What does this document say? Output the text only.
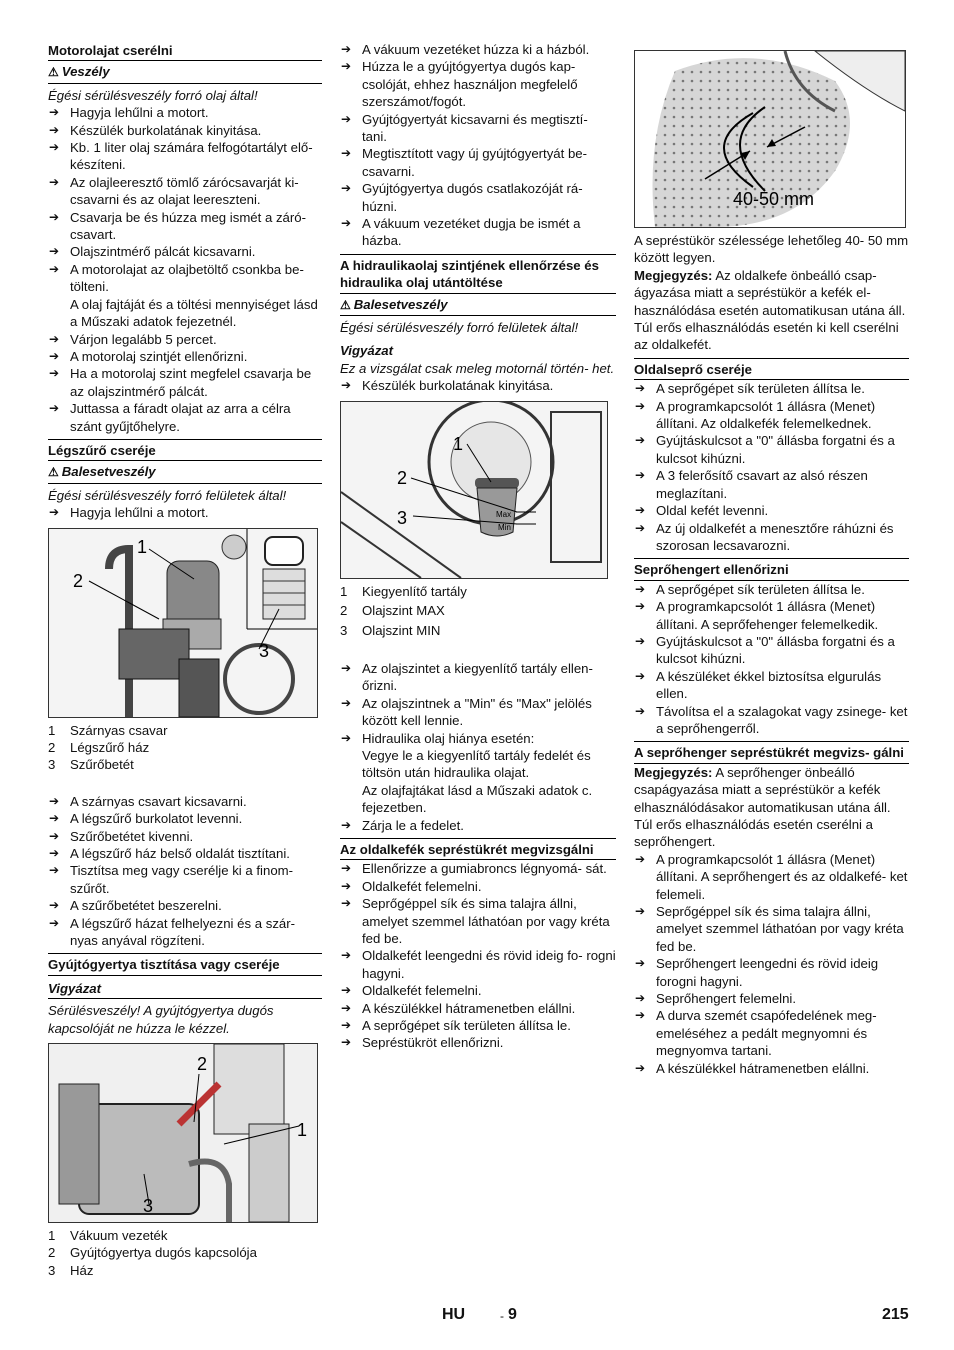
Motorolajat cserélni
⚠ Veszély
Égési sérülésveszély forró olaj által!
➔ Hagyja lehűlni a motort.
➔ Készülék burkolatának kinyitása.
➔ Kb. 1 liter olaj számára felfogótartályt elő- készíteni.
➔ Az olajleeresztő tömlő zárócsavarját ki- csavarni és az olajat leereszteni.
➔ Csavarja be és húzza meg ismét a záró- csavart.
➔ Olajszintmérő pálcát kicsavarni.
➔ A motorolajat az olajbetöltő csonkba be- tölteni.
A olaj fajtáját és a töltési mennyiséget lásd a Műszaki adatok fejezetnél.
➔ Várjon legalább 5 percet.
➔ A motorolaj szintjét ellenőrizni.
➔ Ha a motorolaj szint megfelel csavarja be az olajszintmérő pálcát.
➔ Juttassa a fáradt olajat az arra a célra szánt gyűjtőhelyre.
Légszűrő cseréje
⚠ Balesetveszély
Égési sérülésveszély forró felületek által!
➔ Hagyja lehűlni a motort.
1
2
3
1	Szárnyas csavar
2	Légszűrő ház
3	Szűrőbetét
➔ A szárnyas csavart kicsavarni.
➔ A légszűrő burkolatot levenni.
➔ Szűrőbetétet kivenni.
➔ A légszűrő ház belső oldalát tisztítani.
➔ Tisztítsa meg vagy cserélje ki a finom- szűrőt.
➔ A szűrőbetétet beszerelni.
➔ A légszűrő házat felhelyezni és a szár- nyas anyával rögzíteni.
Gyújtógyertya tisztítása vagy cseréje
Vigyázat
Sérülésveszély! A gyújtógyertya dugós kapcsolóját ne húzza le kézzel.
2
1
3
1	Vákuum vezeték
2	Gyújtógyertya dugós kapcsolója
3	Ház
➔ A vákuum vezetéket húzza ki a házból.
➔ Húzza le a gyújtógyertya dugós kap- csolóját, ehhez használjon megfelelő szerszámot/fogót.
➔ Gyújtógyertyát kicsavarni és megtisztí- tani.
➔ Megtisztított vagy új gyújtógyertyát be- csavarni.
➔ Gyújtógyertya dugós csatlakozóját rá- húzni.
➔ A vákuum vezetéket dugja be ismét a házba.
A hidraulikaolaj szintjének ellenőrzése és hidraulika olaj utántöltése
⚠ Balesetveszély
Égési sérülésveszély forró felületek által!
Vigyázat
Ez a vizsgálat csak meleg motornál történ- het.
➔ Készülék burkolatának kinyitása.
1
2
3	Max
Min
1	Kiegyenlítő tartály
2	Olajszint MAX
3	Olajszint MIN
➔ Az olajszintet a kiegyenlítő tartály ellen- őrizni.
➔ Az olajszintnek a "Min" és "Max" jelölés között kell lennie.
➔ Hidraulika olaj hiánya esetén:
Vegye le a kiegyenlítő tartály fedelét és töltsön után hidraulika olajat.
Az olajfajtákat lásd a Műszaki adatok c. fejezetben.
➔ Zárja le a fedelet.
Az oldalkefék sepréstükrét megvizsgálni
➔ Ellenőrizze a gumiabroncs légnyomá- sát.
➔ Oldalkefét felemelni.
➔ Seprőgéppel sík és sima talajra állni, amelyet szemmel láthatóan por vagy kréta fed be.
➔ Oldalkefét leengedni és rövid ideig fo- rogni hagyni.
➔ Oldalkefét felemelni.
➔ A készülékkel hátramenetben elállni.
➔ A seprőgépet sík területen állítsa le.
➔ Sepréstükröt ellenőrizni.
40-50 mm
A sepréstükör szélessége lehetőleg 40- 50 mm között legyen.
Megjegyzés: Az oldalkefe önbeálló csap- ágyazása miatt a sepréstükör a kefék el- használódása esetén automatikusan utána áll. Túl erős elhasználódás esetén ki kell cserélni az oldalkefét.
Oldalseprő cseréje
➔ A seprőgépet sík területen állítsa le.
➔ A programkapcsolót 1 állásra (Menet) állítani. Az oldalkefék felemelkednek.
➔ Gyújtáskulcsot a "0" állásba forgatni és a kulcsot kihúzni.
➔ A 3 felerősítő csavart az alsó részen meglazítani.
➔ Oldal kefét levenni.
➔ Az új oldalkefét a menesztőre ráhúzni és szorosan lecsavarozni.
Seprőhengert ellenőrizni
➔ A seprőgépet sík területen állítsa le.
➔ A programkapcsolót 1 állásra (Menet) állítani. A seprőfehenger felemelkedik.
➔ Gyújtáskulcsot a "0" állásba forgatni és a kulcsot kihúzni.
➔ A készüléket ékkel biztosítsa elgurulás ellen.
➔ Távolítsa el a szalagokat vagy zsinege- ket a seprőhengerről.
A seprőhenger sepréstükrét megvizs- gálni
Megjegyzés: A seprőhenger önbeálló csapágyazása miatt a sepréstükör a kefék elhasználódásakor automatikusan utána áll. Túl erős elhasználódás esetén cserélni a seprőhengert.
➔ A programkapcsolót 1 állásra (Menet) állítani. A seprőhengert és az oldalkefé- ket felemeli.
➔ Seprőgéppel sík és sima talajra állni, amelyet szemmel láthatóan por vagy kréta fed be.
➔ Seprőhengert leengedni és rövid ideig forogni hagyni.
➔ Seprőhengert felemelni.
➔ A durva szemét csapófedelének meg- emeléséhez a pedált megnyomni és megnyomva tartani.
➔ A készülékkel hátramenetben elállni.
HU	- 9	215
